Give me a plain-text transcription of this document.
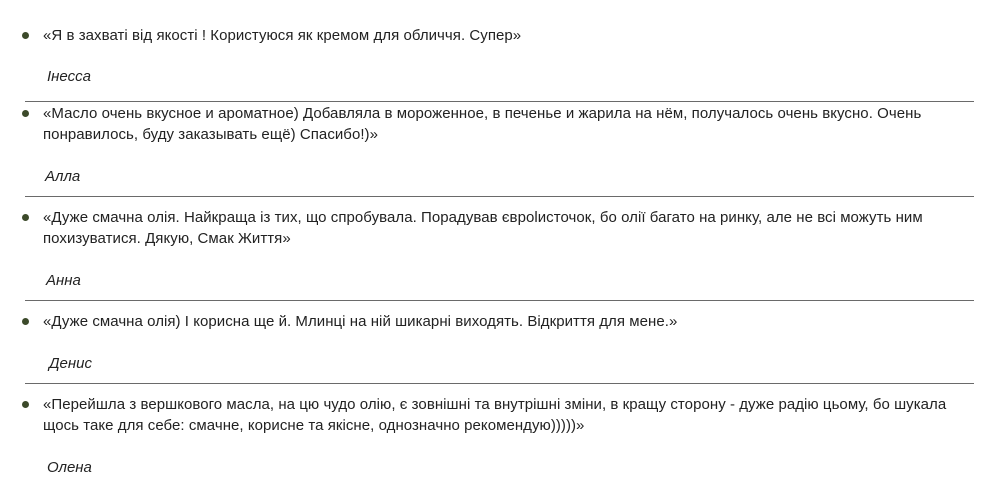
«Я в захваті від якості ! Користуюся як кремом для обличчя. Супер»
Інесса
«Масло очень вкусное и ароматное) Добавляла в мороженное, в печенье и жарила на нём, получалось очень вкусно. Очень понравилось, буду заказывать ещё) Спасибо!)»
Алла
«Дуже смачна олія. Найкраща із тих, що спробувала. Порадував єврolисточок, бо олії багато на ринку, але не всі можуть ним похизуватися. Дякую, Смак Життя»
Анна
«Дуже смачна олія) І корисна ще й. Млинці на ній шикарні виходять. Відкриття для мене.»
Денис
«Перейшла з вершкового масла, на цю чудо олію, є зовнішні та внутрішні зміни, в кращу сторону - дуже радію цьому, бо шукала щось таке для себе: смачне, корисне та якісне, однозначно рекомендую)))))»
Олена
